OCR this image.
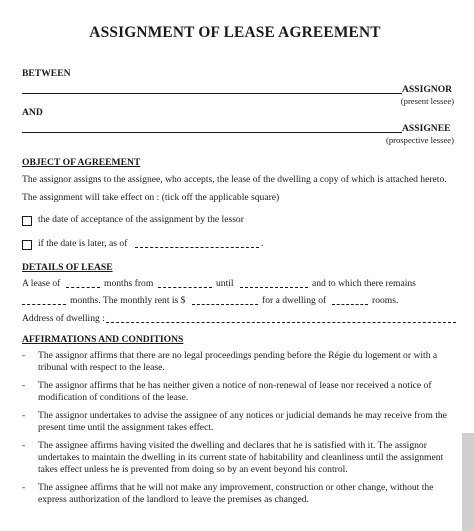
ASSIGNMENT OF LEASE AGREEMENT
BETWEEN
ASSIGNOR
(present lessee)
AND
ASSIGNEE
(prospective lessee)
OBJECT OF AGREEMENT
The assignor assigns to the assignee, who accepts, the lease of the dwelling a copy of which is attached hereto.
The assignment will take effect on : (tick off the applicable square)
the date of acceptance of the assignment by the lessor
if the date is later, as of	.
DETAILS OF LEASE
A lease of	months from	until	and to which there remains
months. The monthly rent is $	for a dwelling of	rooms.
Address of dwelling :
AFFIRMATIONS AND CONDITIONS
- The assignor affirms that there are no legal proceedings pending before the Régie du logement or with a
tribunal with respect to the lease.
- The assignor affirms that he has neither given a notice of non-renewal of lease nor received a notice of
modification of conditions of the lease.
- The assignor undertakes to advise the assignee of any notices or judicial demands he may receive from the
present time until the assignment takes effect.
- The assignee affirms having visited the dwelling and declares that he is satisfied with it. The assignor
undertakes to maintain the dwelling in its current state of habitability and cleanliness until the assignment
takes effect unless he is prevented from doing so by an event beyond his control.
- The assignee affirms that he will not make any improvement, construction or other change, without the
express authorization of the landlord to leave the premises as changed.
